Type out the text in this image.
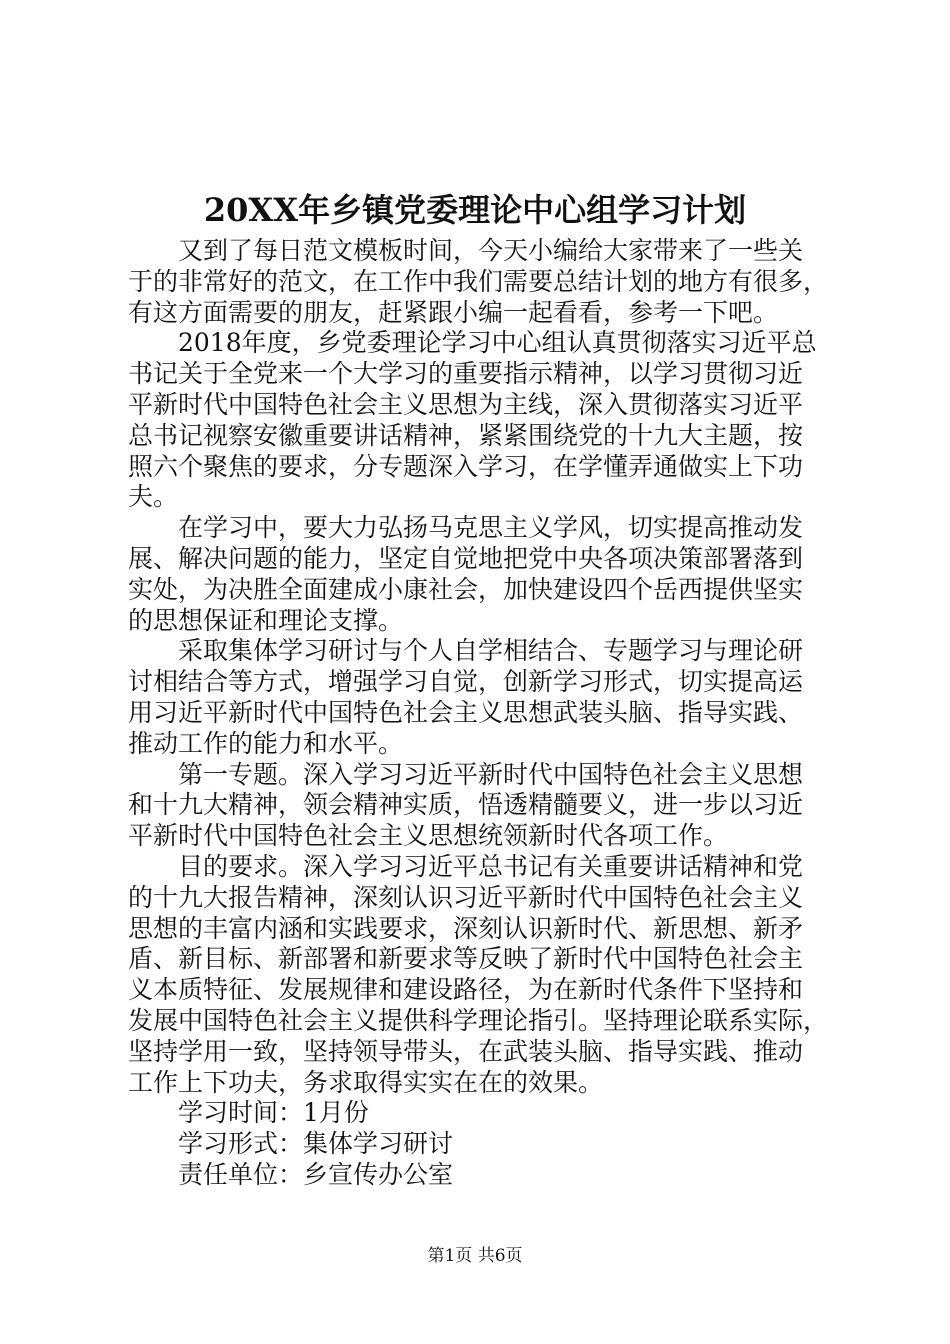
20XX年乡镇党委理论中心组学习计划
又到了每日范文模板时间，今天小编给大家带来了一些关
于的非常好的范文，在工作中我们需要总结计划的地方有很多，
有这方面需要的朋友，赶紧跟小编一起看看，参考一下吧。
2018年度，乡党委理论学习中心组认真贯彻落实习近平总
书记关于全党来一个大学习的重要指示精神，以学习贯彻习近
平新时代中国特色社会主义思想为主线，深入贯彻落实习近平
总书记视察安徽重要讲话精神，紧紧围绕党的十九大主题，按
照六个聚焦的要求，分专题深入学习，在学懂弄通做实上下功
夫。
在学习中，要大力弘扬马克思主义学风，切实提高推动发
展、解决问题的能力，坚定自觉地把党中央各项决策部署落到
实处，为决胜全面建成小康社会，加快建设四个岳西提供坚实
的思想保证和理论支撑。
采取集体学习研讨与个人自学相结合、专题学习与理论研
讨相结合等方式，增强学习自觉，创新学习形式，切实提高运
用习近平新时代中国特色社会主义思想武装头脑、指导实践、
推动工作的能力和水平。
第一专题。深入学习习近平新时代中国特色社会主义思想
和十九大精神，领会精神实质，悟透精髓要义，进一步以习近
平新时代中国特色社会主义思想统领新时代各项工作。
目的要求。深入学习习近平总书记有关重要讲话精神和党
的十九大报告精神，深刻认识习近平新时代中国特色社会主义
思想的丰富内涵和实践要求，深刻认识新时代、新思想、新矛
盾、新目标、新部署和新要求等反映了新时代中国特色社会主
义本质特征、发展规律和建设路径，为在新时代条件下坚持和
发展中国特色社会主义提供科学理论指引。坚持理论联系实际，
坚持学用一致，坚持领导带头，在武装头脑、指导实践、推动
工作上下功夫，务求取得实实在在的效果。
学习时间：1月份
学习形式：集体学习研讨
责任单位：乡宣传办公室
第1页 共6页
